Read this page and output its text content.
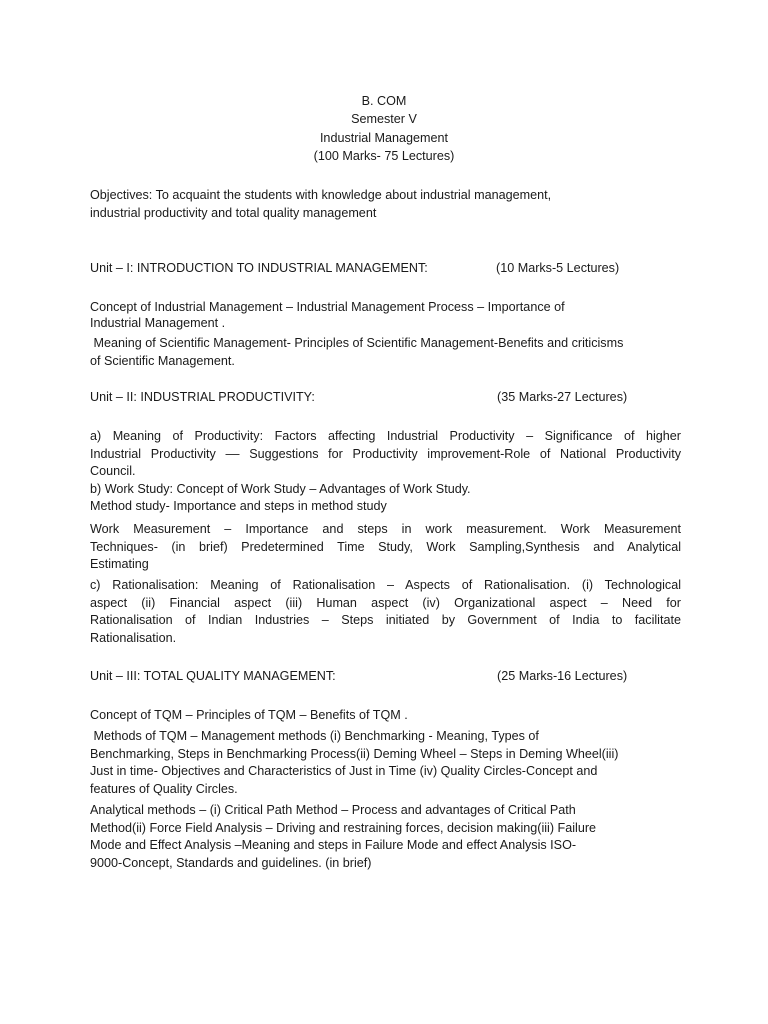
B. COM
Semester V
Industrial Management
(100 Marks- 75 Lectures)
Objectives: To acquaint the students with knowledge about industrial management,
industrial productivity and total quality management
Unit – I: INTRODUCTION TO INDUSTRIAL MANAGEMENT:	(10 Marks-5 Lectures)
Concept of Industrial Management – Industrial Management Process – Importance of
Industrial Management .
Meaning of Scientific Management- Principles of Scientific Management-Benefits and criticisms
of Scientific Management.
Unit – II: INDUSTRIAL PRODUCTIVITY:	(35 Marks-27 Lectures)
a) Meaning of Productivity: Factors affecting Industrial Productivity – Significance of higher
Industrial Productivity –– Suggestions for Productivity improvement-Role of National Productivity
Council.
b) Work Study: Concept of Work Study – Advantages of Work Study.
Method study- Importance and steps in method study
Work Measurement – Importance and steps in work measurement. Work Measurement
Techniques- (in brief) Predetermined Time Study, Work Sampling,Synthesis and Analytical
Estimating
c) Rationalisation: Meaning of Rationalisation – Aspects of Rationalisation. (i) Technological
aspect (ii) Financial aspect (iii) Human aspect (iv) Organizational aspect – Need for
Rationalisation of Indian Industries – Steps initiated by Government of India to facilitate
Rationalisation.
Unit – III: TOTAL QUALITY MANAGEMENT:	(25 Marks-16 Lectures)
Concept of TQM – Principles of TQM – Benefits of TQM .
Methods of TQM – Management methods (i) Benchmarking - Meaning, Types of
Benchmarking, Steps in Benchmarking Process(ii) Deming Wheel – Steps in Deming Wheel(iii)
Just in time- Objectives and Characteristics of Just in Time (iv) Quality Circles-Concept and
features of Quality Circles.
Analytical methods – (i) Critical Path Method – Process and advantages of Critical Path
Method(ii) Force Field Analysis – Driving and restraining forces, decision making(iii) Failure
Mode and Effect Analysis –Meaning and steps in Failure Mode and effect Analysis ISO-
9000-Concept, Standards and guidelines. (in brief)
